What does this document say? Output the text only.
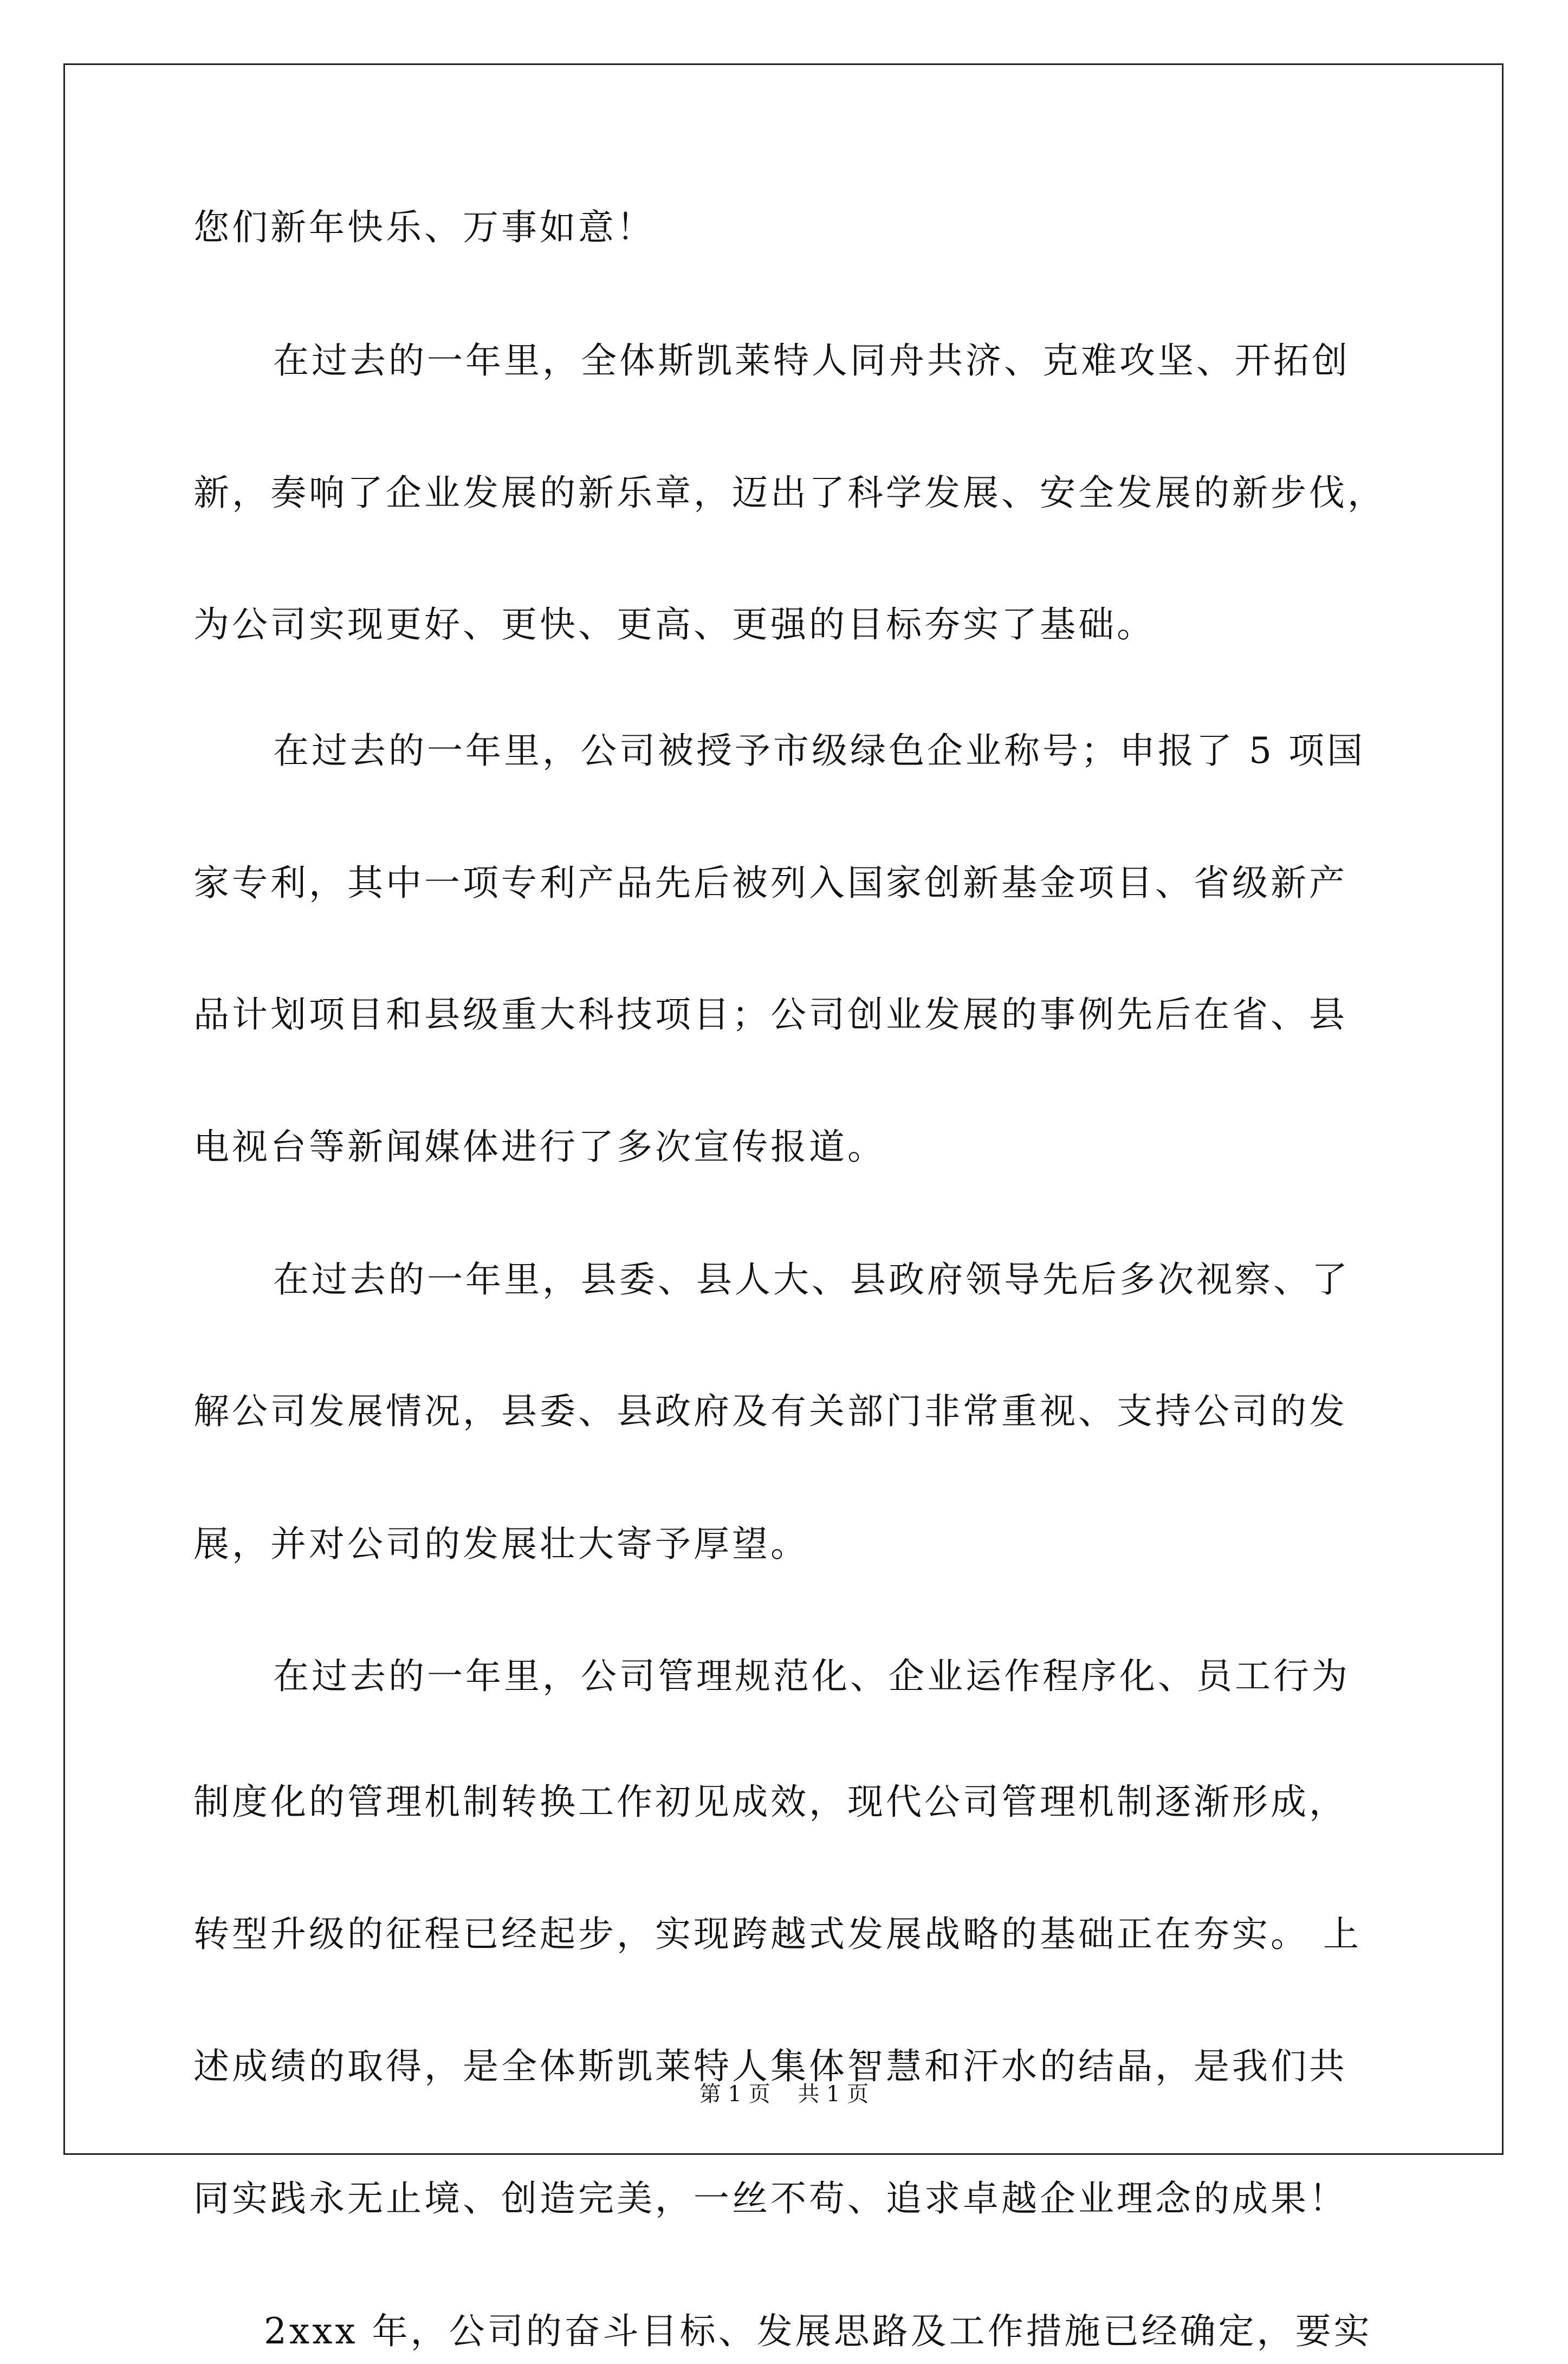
您们新年快乐、万事如意！
在过去的一年里，全体斯凯莱特人同舟共济、克难攻坚、开拓创
新，奏响了企业发展的新乐章，迈出了科学发展、安全发展的新步伐，
为公司实现更好、更快、更高、更强的目标夯实了基础。
在过去的一年里，公司被授予市级绿色企业称号；申报了 5 项国
家专利，其中一项专利产品先后被列入国家创新基金项目、省级新产
品计划项目和县级重大科技项目；公司创业发展的事例先后在省、县
电视台等新闻媒体进行了多次宣传报道。
在过去的一年里，县委、县人大、县政府领导先后多次视察、了
解公司发展情况，县委、县政府及有关部门非常重视、支持公司的发
展，并对公司的发展壮大寄予厚望。
在过去的一年里，公司管理规范化、企业运作程序化、员工行为
制度化的管理机制转换工作初见成效，现代公司管理机制逐渐形成，
转型升级的征程已经起步，实现跨越式发展战略的基础正在夯实。 上
述成绩的取得，是全体斯凯莱特人集体智慧和汗水的结晶，是我们共
同实践永无止境、创造完美，一丝不苟、追求卓越企业理念的成果！
2xxx 年，公司的奋斗目标、发展思路及工作措施已经确定，要实
第 1 页    共 1 页
